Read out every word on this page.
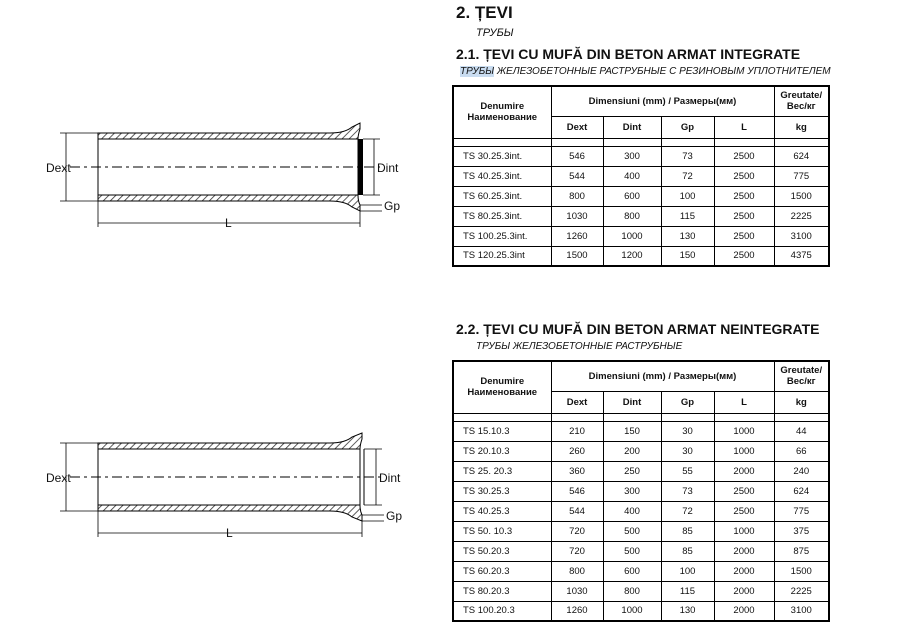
2. ȚEVI
ТРУБЫ
2.1. ȚEVI CU MUFĂ DIN BETON ARMAT INTEGRATE
ТРУБЫ ЖЕЛЕЗОБЕТОННЫЕ РАСТРУБНЫЕ С РЕЗИНОВЫМ УПЛОТНИТЕЛЕМ
Denumire
Наименование	Dimensiuni (mm) / Размеры(мм)				Greutate/
Вес/кг
	Dext	Dint	Gp	L	kg

TS 30.25.3int.	546	300	73	2500	624
TS 40.25.3int.	544	400	72	2500	775
TS 60.25.3int.	800	600	100	2500	1500
TS 80.25.3int.	1030	800	115	2500	2225
TS 100.25.3int.	1260	1000	130	2500	3100
TS 120.25.3int	1500	1200	150	2500	4375
2.2. ȚEVI CU MUFĂ DIN BETON ARMAT NEINTEGRATE
ТРУБЫ ЖЕЛЕЗОБЕТОННЫЕ РАСТРУБНЫЕ
Denumire
Наименование	Dimensiuni (mm) / Размеры(мм)				Greutate/
Вес/кг
	Dext	Dint	Gp	L	kg

TS 15.10.3	210	150	30	1000	44
TS 20.10.3	260	200	30	1000	66
TS 25. 20.3	360	250	55	2000	240
TS 30.25.3	546	300	73	2500	624
TS 40.25.3	544	400	72	2500	775
TS 50. 10.3	720	500	85	1000	375
TS 50.20.3	720	500	85	2000	875
TS 60.20.3	800	600	100	2000	1500
TS 80.20.3	1030	800	115	2000	2225
TS 100.20.3	1260	1000	130	2000	3100
Dext	Dint
Gp
L
Dext	Dint
Gp
L
